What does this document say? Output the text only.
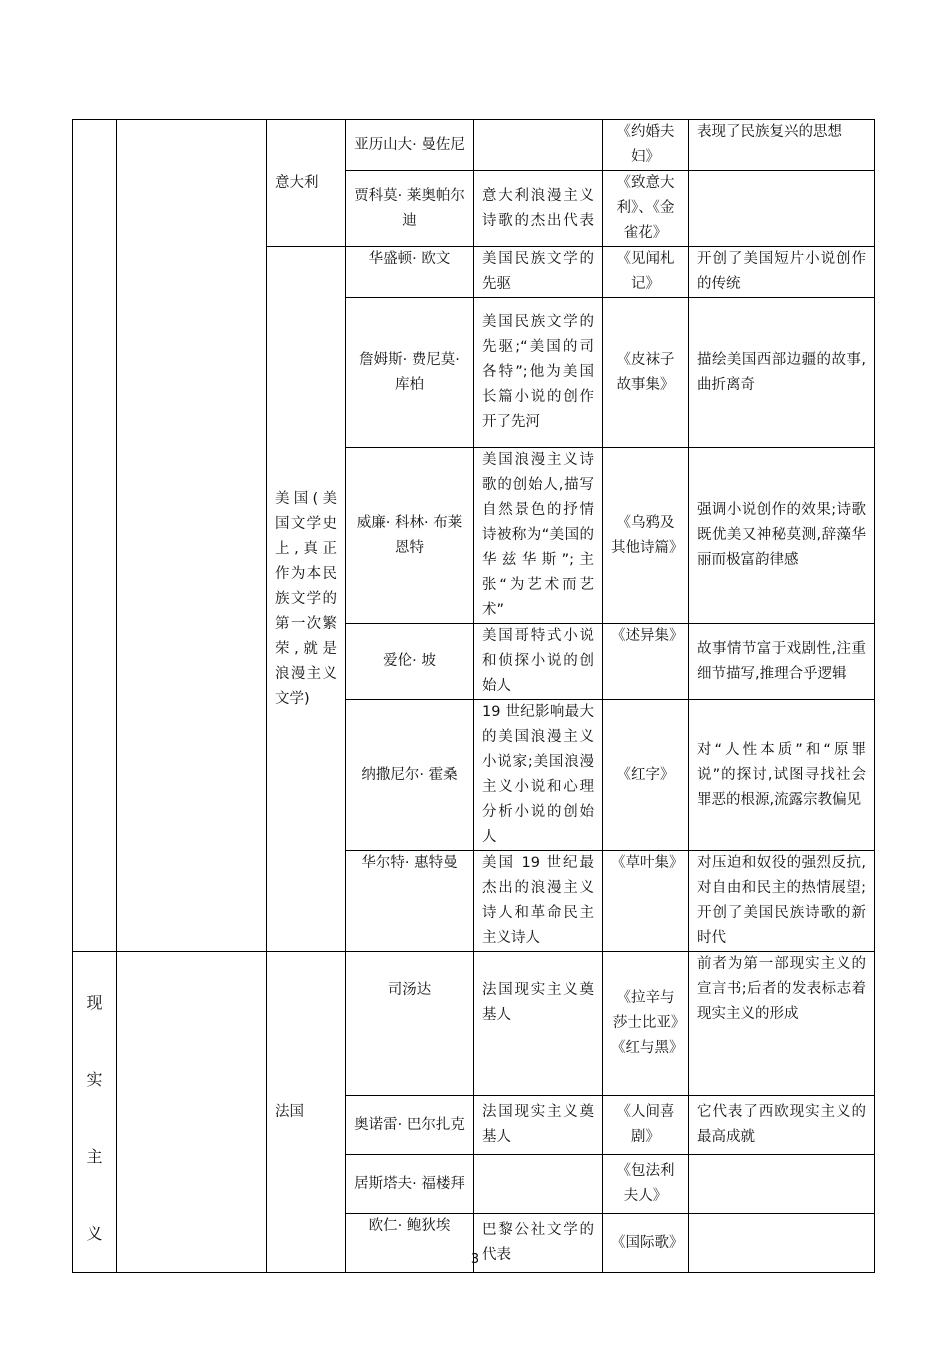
		意大利	亚历山大· 曼佐尼		《约婚夫妇》	表现了民族复兴的思想
			贾科莫· 莱奥帕尔迪	意大利浪漫主义诗歌的杰出代表	《致意大利》、《金雀花》	
		美国(美国文学史上,真正作为本民族文学的第一次繁荣,就是浪漫主义文学)	华盛顿· 欧文	美国民族文学的先驱	《见闻札记》	开创了美国短片小说创作的传统
			詹姆斯· 费尼莫· 库柏	美国民族文学的先驱;“美国的司各特”;他为美国长篇小说的创作开了先河	《皮袜子故事集》	描绘美国西部边疆的故事,曲折离奇
			威廉· 科林· 布莱恩特	美国浪漫主义诗歌的创始人,描写自然景色的抒情诗被称为“美国的华兹华斯”;主张“为艺术而艺术”	《乌鸦及其他诗篇》	强调小说创作的效果;诗歌既优美又神秘莫测,辞藻华丽而极富韵律感
			爱伦· 坡	美国哥特式小说和侦探小说的创始人	《述异集》	故事情节富于戏剧性,注重细节描写,推理合乎逻辑
			纳撒尼尔· 霍桑	19 世纪影响最大的美国浪漫主义小说家;美国浪漫主义小说和心理分析小说的创始人	《红字》	对“人性本质”和“原罪说”的探讨,试图寻找社会罪恶的根源,流露宗教偏见
			华尔特· 惠特曼	美国 19 世纪最杰出的浪漫主义诗人和革命民主主义诗人	《草叶集》	对压迫和奴役的强烈反抗,对自由和民主的热情展望;开创了美国民族诗歌的新时代

现
实
主
义		法国	司汤达	法国现实主义奠基人	《拉辛与莎士比亚》《红与黑》	前者为第一部现实主义的宣言书;后者的发表标志着现实主义的形成
			奥诺雷· 巴尔扎克	法国现实主义奠基人	《人间喜剧》	它代表了西欧现实主义的最高成就
			居斯塔夫· 福楼拜		《包法利夫人》	
			欧仁· 鲍狄埃	巴黎公社文学的代表	《国际歌》	
3
